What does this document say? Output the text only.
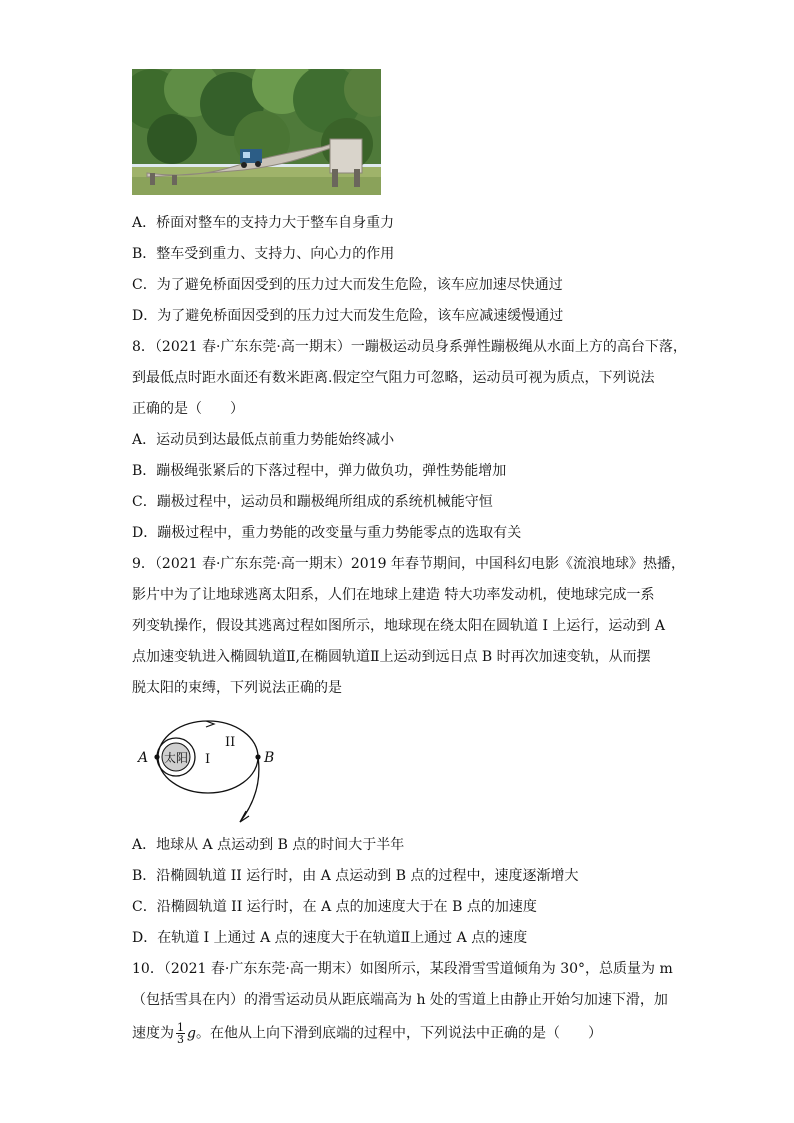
A．桥面对整车的支持力大于整车自身重力

B．整车受到重力、支持力、向心力的作用

C．为了避免桥面因受到的压力过大而发生危险，该车应加速尽快通过

D．为了避免桥面因受到的压力过大而发生危险，该车应减速缓慢通过

8．（2021 春·广东东莞·高一期末）一蹦极运动员身系弹性蹦极绳从水面上方的高台下落，

到最低点时距水面还有数米距离.假定空气阻力可忽略，运动员可视为质点，下列说法

正确的是（　　）

A．运动员到达最低点前重力势能始终减小

B．蹦极绳张紧后的下落过程中，弹力做负功，弹性势能增加

C．蹦极过程中，运动员和蹦极绳所组成的系统机械能守恒

D．蹦极过程中，重力势能的改变量与重力势能零点的选取有关

9．（2021 春·广东东莞·高一期末）2019 年春节期间，中国科幻电影《流浪地球》热播，

影片中为了让地球逃离太阳系，人们在地球上建造 特大功率发动机，使地球完成一系

列变轨操作，假设其逃离过程如图所示，地球现在绕太阳在圆轨道 I 上运行，运动到 A

点加速变轨进入椭圆轨道Ⅱ,在椭圆轨道Ⅱ上运动到远日点 B 时再次加速变轨，从而摆

脱太阳的束缚，下列说法正确的是

太阳
A	B
I
II

A．地球从 A 点运动到 B 点的时间大于半年

B．沿椭圆轨道 II 运行时，由 A 点运动到 B 点的过程中，速度逐渐增大

C．沿椭圆轨道 II 运行时，在 A 点的加速度大于在 B 点的加速度

D．在轨道 I 上通过 A 点的速度大于在轨道Ⅱ上通过 A 点的速度

10．（2021 春·广东东莞·高一期末）如图所示，某段滑雪雪道倾角为 30°，总质量为 m

（包括雪具在内）的滑雪运动员从距底端高为 h 处的雪道上由静止开始匀加速下滑，加

速度为 $\frac{1}{3}$ g。在他从上向下滑到底端的过程中，下列说法中正确的是（　　）
